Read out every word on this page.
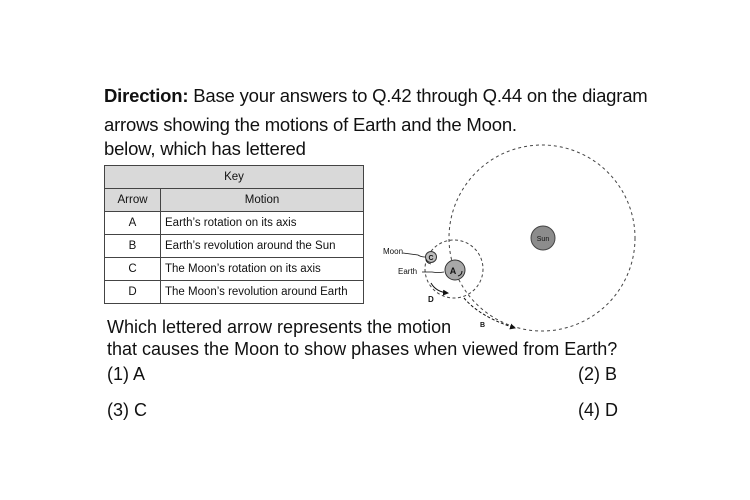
Direction: Base your answers to Q.42 through Q.44 on the diagram
arrows showing the motions of Earth and the Moon.
below, which has lettered
Key	
Arrow	Motion
A	Earth’s rotation on its axis
B	Earth’s revolution around the Sun
C	The Moon’s rotation on its axis
D	The Moon’s revolution around Earth
Sun
A
C
Moon
Earth
D
B
Which lettered arrow represents the motion
that causes the Moon to show phases when viewed from Earth?
(1) A	(2) B
(3) C	(4) D
